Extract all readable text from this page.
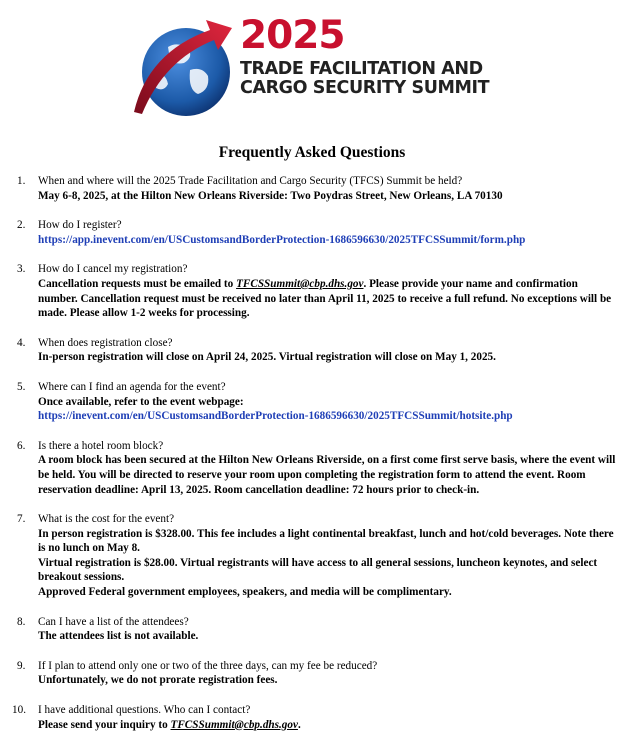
2025
TRADE FACILITATION AND
CARGO SECURITY SUMMIT
Frequently Asked Questions
1. When and where will the 2025 Trade Facilitation and Cargo Security (TFCS) Summit be held?
May 6-8, 2025, at the Hilton New Orleans Riverside: Two Poydras Street, New Orleans, LA 70130
2. How do I register?
https://app.inevent.com/en/USCustomsandBorderProtection-1686596630/2025TFCSSummit/form.php
3. How do I cancel my registration?
Cancellation requests must be emailed to TFCSSummit@cbp.dhs.gov. Please provide your name and confirmation number. Cancellation request must be received no later than April 11, 2025 to receive a full refund. No exceptions will be made. Please allow 1-2 weeks for processing.
4. When does registration close?
In-person registration will close on April 24, 2025. Virtual registration will close on May 1, 2025.
5. Where can I find an agenda for the event?
Once available, refer to the event webpage:
https://inevent.com/en/USCustomsandBorderProtection-1686596630/2025TFCSSummit/hotsite.php
6. Is there a hotel room block?
A room block has been secured at the Hilton New Orleans Riverside, on a first come first serve basis, where the event will be held. You will be directed to reserve your room upon completing the registration form to attend the event. Room reservation deadline: April 13, 2025. Room cancellation deadline: 72 hours prior to check-in.
7. What is the cost for the event?
In person registration is $328.00. This fee includes a light continental breakfast, lunch and hot/cold beverages. Note there is no lunch on May 8.
Virtual registration is $28.00. Virtual registrants will have access to all general sessions, luncheon keynotes, and select breakout sessions.
Approved Federal government employees, speakers, and media will be complimentary.
8. Can I have a list of the attendees?
The attendees list is not available.
9. If I plan to attend only one or two of the three days, can my fee be reduced?
Unfortunately, we do not prorate registration fees.
10. I have additional questions. Who can I contact?
Please send your inquiry to TFCSSummit@cbp.dhs.gov.
